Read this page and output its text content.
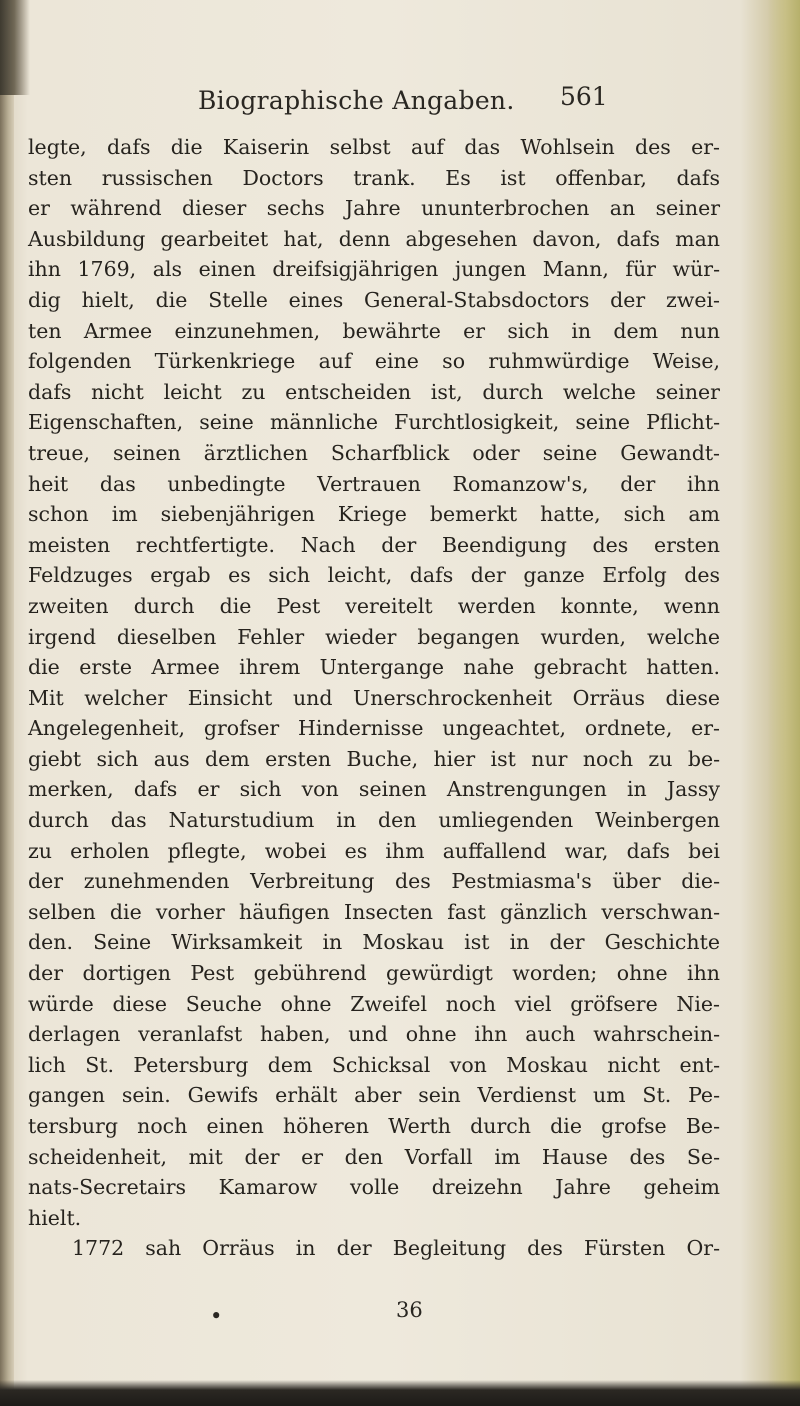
Biographische Angaben. 561
legte, dafs die Kaiserin selbst auf das Wohlsein des er-
sten russischen Doctors trank. Es ist offenbar, dafs
er während dieser sechs Jahre ununterbrochen an seiner
Ausbildung gearbeitet hat, denn abgesehen davon, dafs man
ihn 1769, als einen dreifsigjährigen jungen Mann, für wür-
dig hielt, die Stelle eines General-Stabsdoctors der zwei-
ten Armee einzunehmen, bewährte er sich in dem nun
folgenden Türkenkriege auf eine so ruhmwürdige Weise,
dafs nicht leicht zu entscheiden ist, durch welche seiner
Eigenschaften, seine männliche Furchtlosigkeit, seine Pflicht-
treue, seinen ärztlichen Scharfblick oder seine Gewandt-
heit das unbedingte Vertrauen Romanzow's, der ihn
schon im siebenjährigen Kriege bemerkt hatte, sich am
meisten rechtfertigte. Nach der Beendigung des ersten
Feldzuges ergab es sich leicht, dafs der ganze Erfolg des
zweiten durch die Pest vereitelt werden konnte, wenn
irgend dieselben Fehler wieder begangen wurden, welche
die erste Armee ihrem Untergange nahe gebracht hatten.
Mit welcher Einsicht und Unerschrockenheit Orräus diese
Angelegenheit, grofser Hindernisse ungeachtet, ordnete, er-
giebt sich aus dem ersten Buche, hier ist nur noch zu be-
merken, dafs er sich von seinen Anstrengungen in Jassy
durch das Naturstudium in den umliegenden Weinbergen
zu erholen pflegte, wobei es ihm auffallend war, dafs bei
der zunehmenden Verbreitung des Pestmiasma's über die-
selben die vorher häufigen Insecten fast gänzlich verschwan-
den. Seine Wirksamkeit in Moskau ist in der Geschichte
der dortigen Pest gebührend gewürdigt worden; ohne ihn
würde diese Seuche ohne Zweifel noch viel gröfsere Nie-
derlagen veranlafst haben, und ohne ihn auch wahrschein-
lich St. Petersburg dem Schicksal von Moskau nicht ent-
gangen sein. Gewifs erhält aber sein Verdienst um St. Pe-
tersburg noch einen höheren Werth durch die grofse Be-
scheidenheit, mit der er den Vorfall im Hause des Se-
nats-Secretairs Kamarow volle dreizehn Jahre geheim
hielt.
1772 sah Orräus in der Begleitung des Fürsten Or-
•	36
